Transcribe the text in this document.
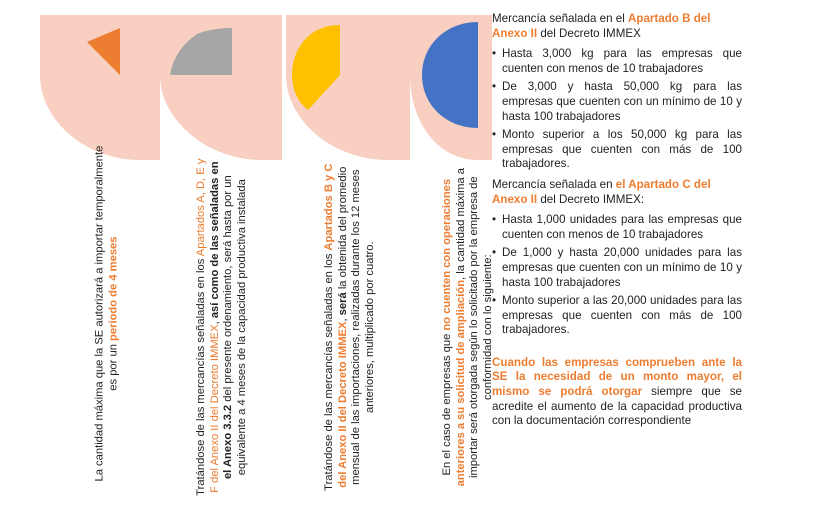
La cantidad máxima que la SE autorizará a importar temporalmente es por un periodo de 4 meses	Tratándose de las mercancías señaladas en los Apartados A, D, E y F del Anexo II del Decreto IMMEX, así como de las señaladas en el Anexo 3.3.2 del presente ordenamiento, será hasta por un equivalente a 4 meses de la capacidad productiva instalada	Tratándose de las mercancías señaladas en los Apartados B y C del Anexo II del Decreto IMMEX, será la obtenida del promedio mensual de las importaciones, realizadas durante los 12 meses anteriores, multiplicado por cuatro.	En el caso de empresas que no cuenten con operaciones anteriores a su solicitud de ampliación, la cantidad máxima a importar será otorgada según lo solicitado por la empresa de conformidad con lo siguiente:

Mercancía señalada en el Apartado B del Anexo II del Decreto IMMEX

• Hasta 3,000 kg para las empresas que cuenten con menos de 10 trabajadores
• De 3,000 y hasta 50,000 kg para las empresas que cuenten con un mínimo de 10 y hasta 100 trabajadores
• Monto superior a los 50,000 kg para las empresas que cuenten con más de 100 trabajadores.

Mercancía señalada en el Apartado C del Anexo II del Decreto IMMEX:

• Hasta 1,000 unidades para las empresas que cuenten con menos de 10 trabajadores
• De 1,000 y hasta 20,000 unidades para las empresas que cuenten con un mínimo de 10 y hasta 100 trabajadores
• Monto superior a las 20,000 unidades para las empresas que cuenten con más de 100 trabajadores.

Cuando las empresas comprueben ante la SE la necesidad de un monto mayor, el mismo se podrá otorgar siempre que se acredite el aumento de la capacidad productiva con la documentación correspondiente
